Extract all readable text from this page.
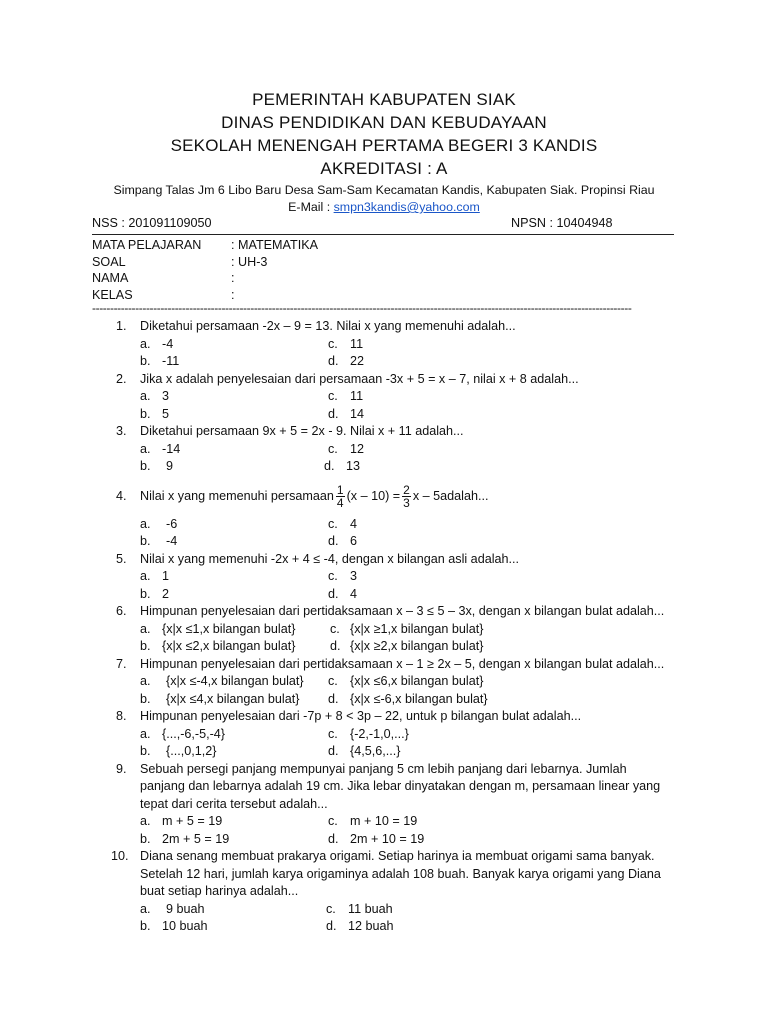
PEMERINTAH KABUPATEN SIAK
DINAS PENDIDIKAN DAN KEBUDAYAAN
SEKOLAH MENENGAH PERTAMA BEGERI 3 KANDIS
AKREDITASI : A
Simpang Talas Jm 6 Libo Baru Desa Sam-Sam Kecamatan Kandis, Kabupaten Siak. Propinsi Riau
E-Mail : smpn3kandis@yahoo.com
NSS : 201091109050	NPSN : 10404948
MATA PELAJARAN : MATEMATIKA
SOAL	: UH-3
NAMA	:
KELAS	:
------------------------------------------------------------------------------------------------------------------------------------------------------
1.	Diketahui persamaan -2x – 9 = 13. Nilai x yang memenuhi adalah...
a. -4	c. 11
b. -11	d. 22
2.	Jika x adalah penyelesaian dari persamaan -3x + 5 = x – 7, nilai x + 8 adalah...
a. 3	c. 11
b. 5	d. 14
3.	Diketahui persamaan 9x + 5 = 2x - 9. Nilai x + 11 adalah...
a. -14	c. 12
b. 9	d. 13
4.	Nilai x yang memenuhi persamaan $\frac{1}{4} (x - 10) = \frac{2}{3}$ x – 5adalah...
a. -6	c. 4
b. -4	d. 6
5.	Nilai x yang memenuhi -2x + 4 ≤ -4, dengan x bilangan asli adalah...
a. 1	c. 3
b. 2	d. 4
6.	Himpunan penyelesaian dari pertidaksamaan x – 3 ≤ 5 – 3x, dengan x bilangan bulat adalah...
a. {x|x ≤1,x bilangan bulat}	c. {x|x ≥1,x bilangan bulat}
b. {x|x ≤2,x bilangan bulat}	d. {x|x ≥2,x bilangan bulat}
7.	Himpunan penyelesaian dari pertidaksamaan x – 1 ≥ 2x – 5, dengan x bilangan bulat adalah...
a. {x|x ≤-4,x bilangan bulat} c. {x|x ≤6,x bilangan bulat}
b. {x|x ≤4,x bilangan bulat} d. {x|x ≤-6,x bilangan bulat}
8.	Himpunan penyelesaian dari -7p + 8 < 3p – 22, untuk p bilangan bulat adalah...
a. {...,-6,-5,-4}	c. {-2,-1,0,...}
b. {...,0,1,2}	d. {4,5,6,...}
9.	Sebuah persegi panjang mempunyai panjang 5 cm lebih panjang dari lebarnya. Jumlah
panjang dan lebarnya adalah 19 cm. Jika lebar dinyatakan dengan m, persamaan linear yang
tepat dari cerita tersebut adalah...
a. m + 5 = 19	c. m + 10 = 19
b. 2m + 5 = 19	d. 2m + 10 = 19
10. Diana senang membuat prakarya origami. Setiap harinya ia membuat origami sama banyak.
Setelah 12 hari, jumlah karya origaminya adalah 108 buah. Banyak karya origami yang Diana
buat setiap harinya adalah...
a. 9 buah	c. 11 buah
b. 10 buah	d. 12 buah
